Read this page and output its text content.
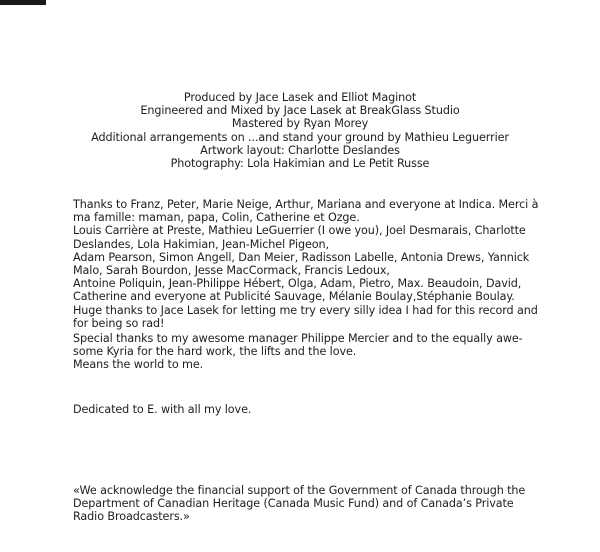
Produced by Jace Lasek and Elliot Maginot
Engineered and Mixed by Jace Lasek at BreakGlass Studio
Mastered by Ryan Morey
Additional arrangements on ...and stand your ground by Mathieu Leguerrier
Artwork layout: Charlotte Deslandes
Photography: Lola Hakimian and Le Petit Russe
Thanks to Franz, Peter, Marie Neige, Arthur, Mariana and everyone at Indica. Merci à
ma famille: maman, papa, Colin, Catherine et Ozge.
Louis Carrière at Preste, Mathieu LeGuerrier (I owe you), Joel Desmarais, Charlotte
Deslandes, Lola Hakimian, Jean-Michel Pigeon,
Adam Pearson, Simon Angell, Dan Meier, Radisson Labelle, Antonia Drews, Yannick
Malo, Sarah Bourdon, Jesse MacCormack, Francis Ledoux,
Antoine Poliquin, Jean-Philippe Hébert, Olga, Adam, Pietro, Max. Beaudoin, David,
Catherine and everyone at Publicité Sauvage, Mélanie Boulay,Stéphanie Boulay.
Huge thanks to Jace Lasek for letting me try every silly idea I had for this record and
for being so rad!
Special thanks to my awesome manager Philippe Mercier and to the equally awe-
some Kyria for the hard work, the lifts and the love.
Means the world to me.
Dedicated to E. with all my love.
«We acknowledge the financial support of the Government of Canada through the
Department of Canadian Heritage (Canada Music Fund) and of Canada’s Private
Radio Broadcasters.»
